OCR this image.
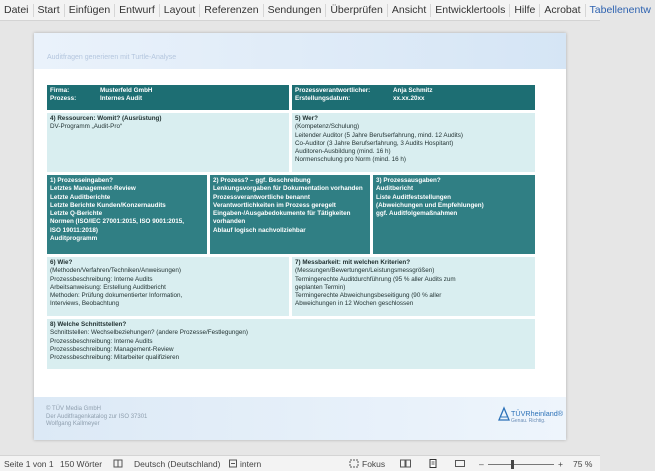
Datei Start Einfügen Entwurf Layout Referenzen Sendungen Überprüfen Ansicht Entwicklertools Hilfe Acrobat Tabellenentw
Auditfragen generieren mit Turtle-Analyse
Firma:	Musterfeld GmbH
Prozess:	Internes Audit
Prozessverantwortlicher:	Anja Schmitz
Erstellungsdatum:	xx.xx.20xx
4) Ressourcen: Womit? (Ausrüstung)
DV-Programm „Audit-Pro“
5) Wer?
(Kompetenz/Schulung)
Leitender Auditor (5 Jahre Berufserfahrung, mind. 12 Audits)
Co-Auditor (3 Jahre Berufserfahrung, 3 Audits Hospitant)
Auditoren-Ausbildung (mind. 16 h)
Normenschulung pro Norm (mind. 16 h)
1) Prozesseingaben?
Letztes Management-Review
Letzte Auditberichte
Letzte Berichte Kunden/Konzernaudits
Letzte Q-Berichte
Normen (ISO/IEC 27001:2015, ISO 9001:2015,
ISO 19011:2018)
Auditprogramm
2) Prozess? – ggf. Beschreibung
Lenkungsvorgaben für Dokumentation vorhanden
Prozessverantwortliche benannt
Verantwortlichkeiten im Prozess geregelt
Eingaben-/Ausgabedokumente für Tätigkeiten
vorhanden
Ablauf logisch nachvollziehbar
3) Prozessausgaben?
Auditbericht
Liste Auditfeststellungen
(Abweichungen und Empfehlungen)
ggf. Auditfolgemaßnahmen
6) Wie?
(Methoden/Verfahren/Techniken/Anweisungen)
Prozessbeschreibung: Interne Audits
Arbeitsanweisung: Erstellung Auditbericht
Methoden: Prüfung dokumentierter Information,
Interviews, Beobachtung
7) Messbarkeit: mit welchen Kriterien?
(Messungen/Bewertungen/Leistungsmessgrößen)
Termingerechte Auditdurchführung (95 % aller Audits zum
geplanten Termin)
Termingerechte Abweichungsbeseitigung (90 % aller
Abweichungen in 12 Wochen geschlossen
8) Welche Schnittstellen?
Schnittstellen: Wechselbeziehungen? (andere Prozesse/Festlegungen)
Prozessbeschreibung: Interne Audits
Prozessbeschreibung: Management-Review
Prozessbeschreibung: Mitarbeiter qualifizieren
© TÜV Media GmbH
Der Auditfragenkatalog zur ISO 37301
Wolfgang Kallmeyer
TÜVRheinland®
Genau. Richtig.
Seite 1 von 1 150 Wörter	Deutsch (Deutschland) intern	Fokus	–	+ 75 %
